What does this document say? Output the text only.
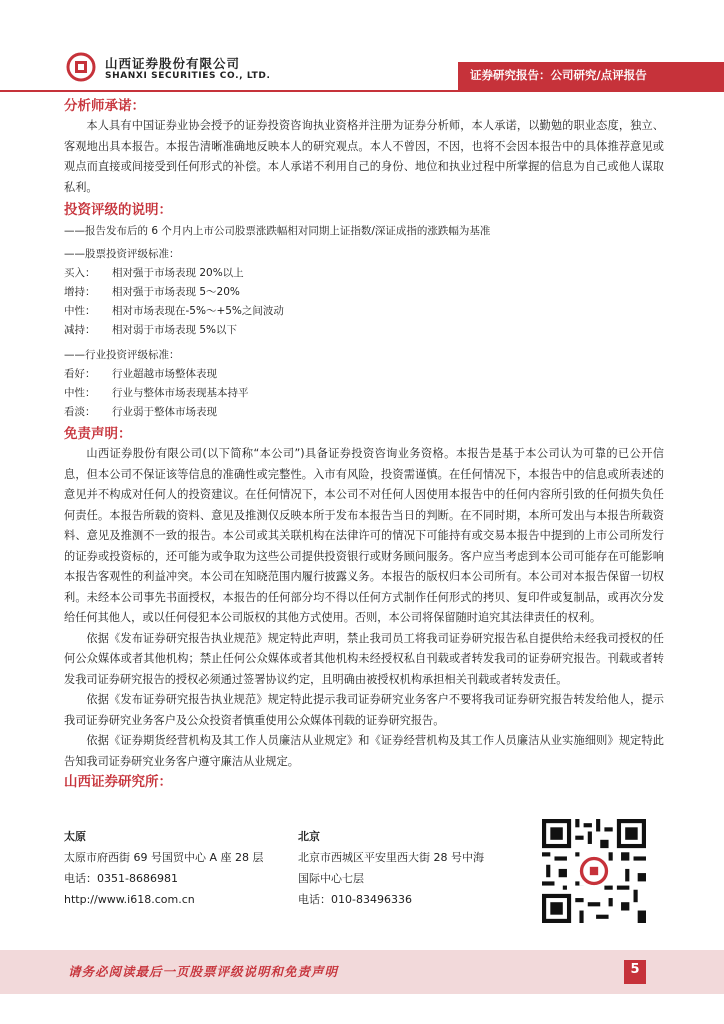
山西证券股份有限公司
SHANXI SECURITIES CO., LTD.	证券研究报告：公司研究/点评报告
分析师承诺：

本人具有中国证券业协会授予的证券投资咨询执业资格并注册为证券分析师，本人承诺，以勤勉的职业态度，独立、客观地出具本报告。本报告清晰准确地反映本人的研究观点。本人不曾因，不因，也将不会因本报告中的具体推荐意见或观点而直接或间接受到任何形式的补偿。本人承诺不利用自己的身份、地位和执业过程中所掌握的信息为自己或他人谋取私利。

投资评级的说明：
——报告发布后的 6 个月内上市公司股票涨跌幅相对同期上证指数/深证成指的涨跌幅为基准
——股票投资评级标准：
买入：	相对强于市场表现 20%以上
增持：	相对强于市场表现 5～20%
中性：	相对市场表现在-5%～+5%之间波动
减持：	相对弱于市场表现 5%以下
——行业投资评级标准：
看好：	行业超越市场整体表现
中性：	行业与整体市场表现基本持平
看淡：	行业弱于整体市场表现
免责声明：

山西证券股份有限公司(以下简称“本公司”)具备证券投资咨询业务资格。本报告是基于本公司认为可靠的已公开信息，但本公司不保证该等信息的准确性或完整性。入市有风险，投资需谨慎。在任何情况下，本报告中的信息或所表述的意见并不构成对任何人的投资建议。在任何情况下，本公司不对任何人因使用本报告中的任何内容所引致的任何损失负任何责任。本报告所载的资料、意见及推测仅反映本所于发布本报告当日的判断。在不同时期，本所可发出与本报告所载资料、意见及推测不一致的报告。本公司或其关联机构在法律许可的情况下可能持有或交易本报告中提到的上市公司所发行的证券或投资标的，还可能为或争取为这些公司提供投资银行或财务顾问服务。客户应当考虑到本公司可能存在可能影响本报告客观性的利益冲突。本公司在知晓范围内履行披露义务。本报告的版权归本公司所有。本公司对本报告保留一切权利。未经本公司事先书面授权，本报告的任何部分均不得以任何方式制作任何形式的拷贝、复印件或复制品，或再次分发给任何其他人，或以任何侵犯本公司版权的其他方式使用。否则，本公司将保留随时追究其法律责任的权利。

依据《发布证券研究报告执业规范》规定特此声明，禁止我司员工将我司证券研究报告私自提供给未经我司授权的任何公众媒体或者其他机构；禁止任何公众媒体或者其他机构未经授权私自刊载或者转发我司的证券研究报告。刊载或者转发我司证券研究报告的授权必须通过签署协议约定，且明确由被授权机构承担相关刊载或者转发责任。

依据《发布证券研究报告执业规范》规定特此提示我司证券研究业务客户不要将我司证券研究报告转发给他人，提示我司证券研究业务客户及公众投资者慎重使用公众媒体刊载的证券研究报告。

依据《证券期货经营机构及其工作人员廉洁从业规定》和《证券经营机构及其工作人员廉洁从业实施细则》规定特此告知我司证券研究业务客户遵守廉洁从业规定。

山西证券研究所：
太原
太原市府西街 69 号国贸中心 A 座 28 层
电话：0351-8686981
http://www.i618.com.cn
北京
北京市西城区平安里西大街 28 号中海
国际中心七层
电话：010-83496336
请务必阅读最后一页股票评级说明和免责声明	5
